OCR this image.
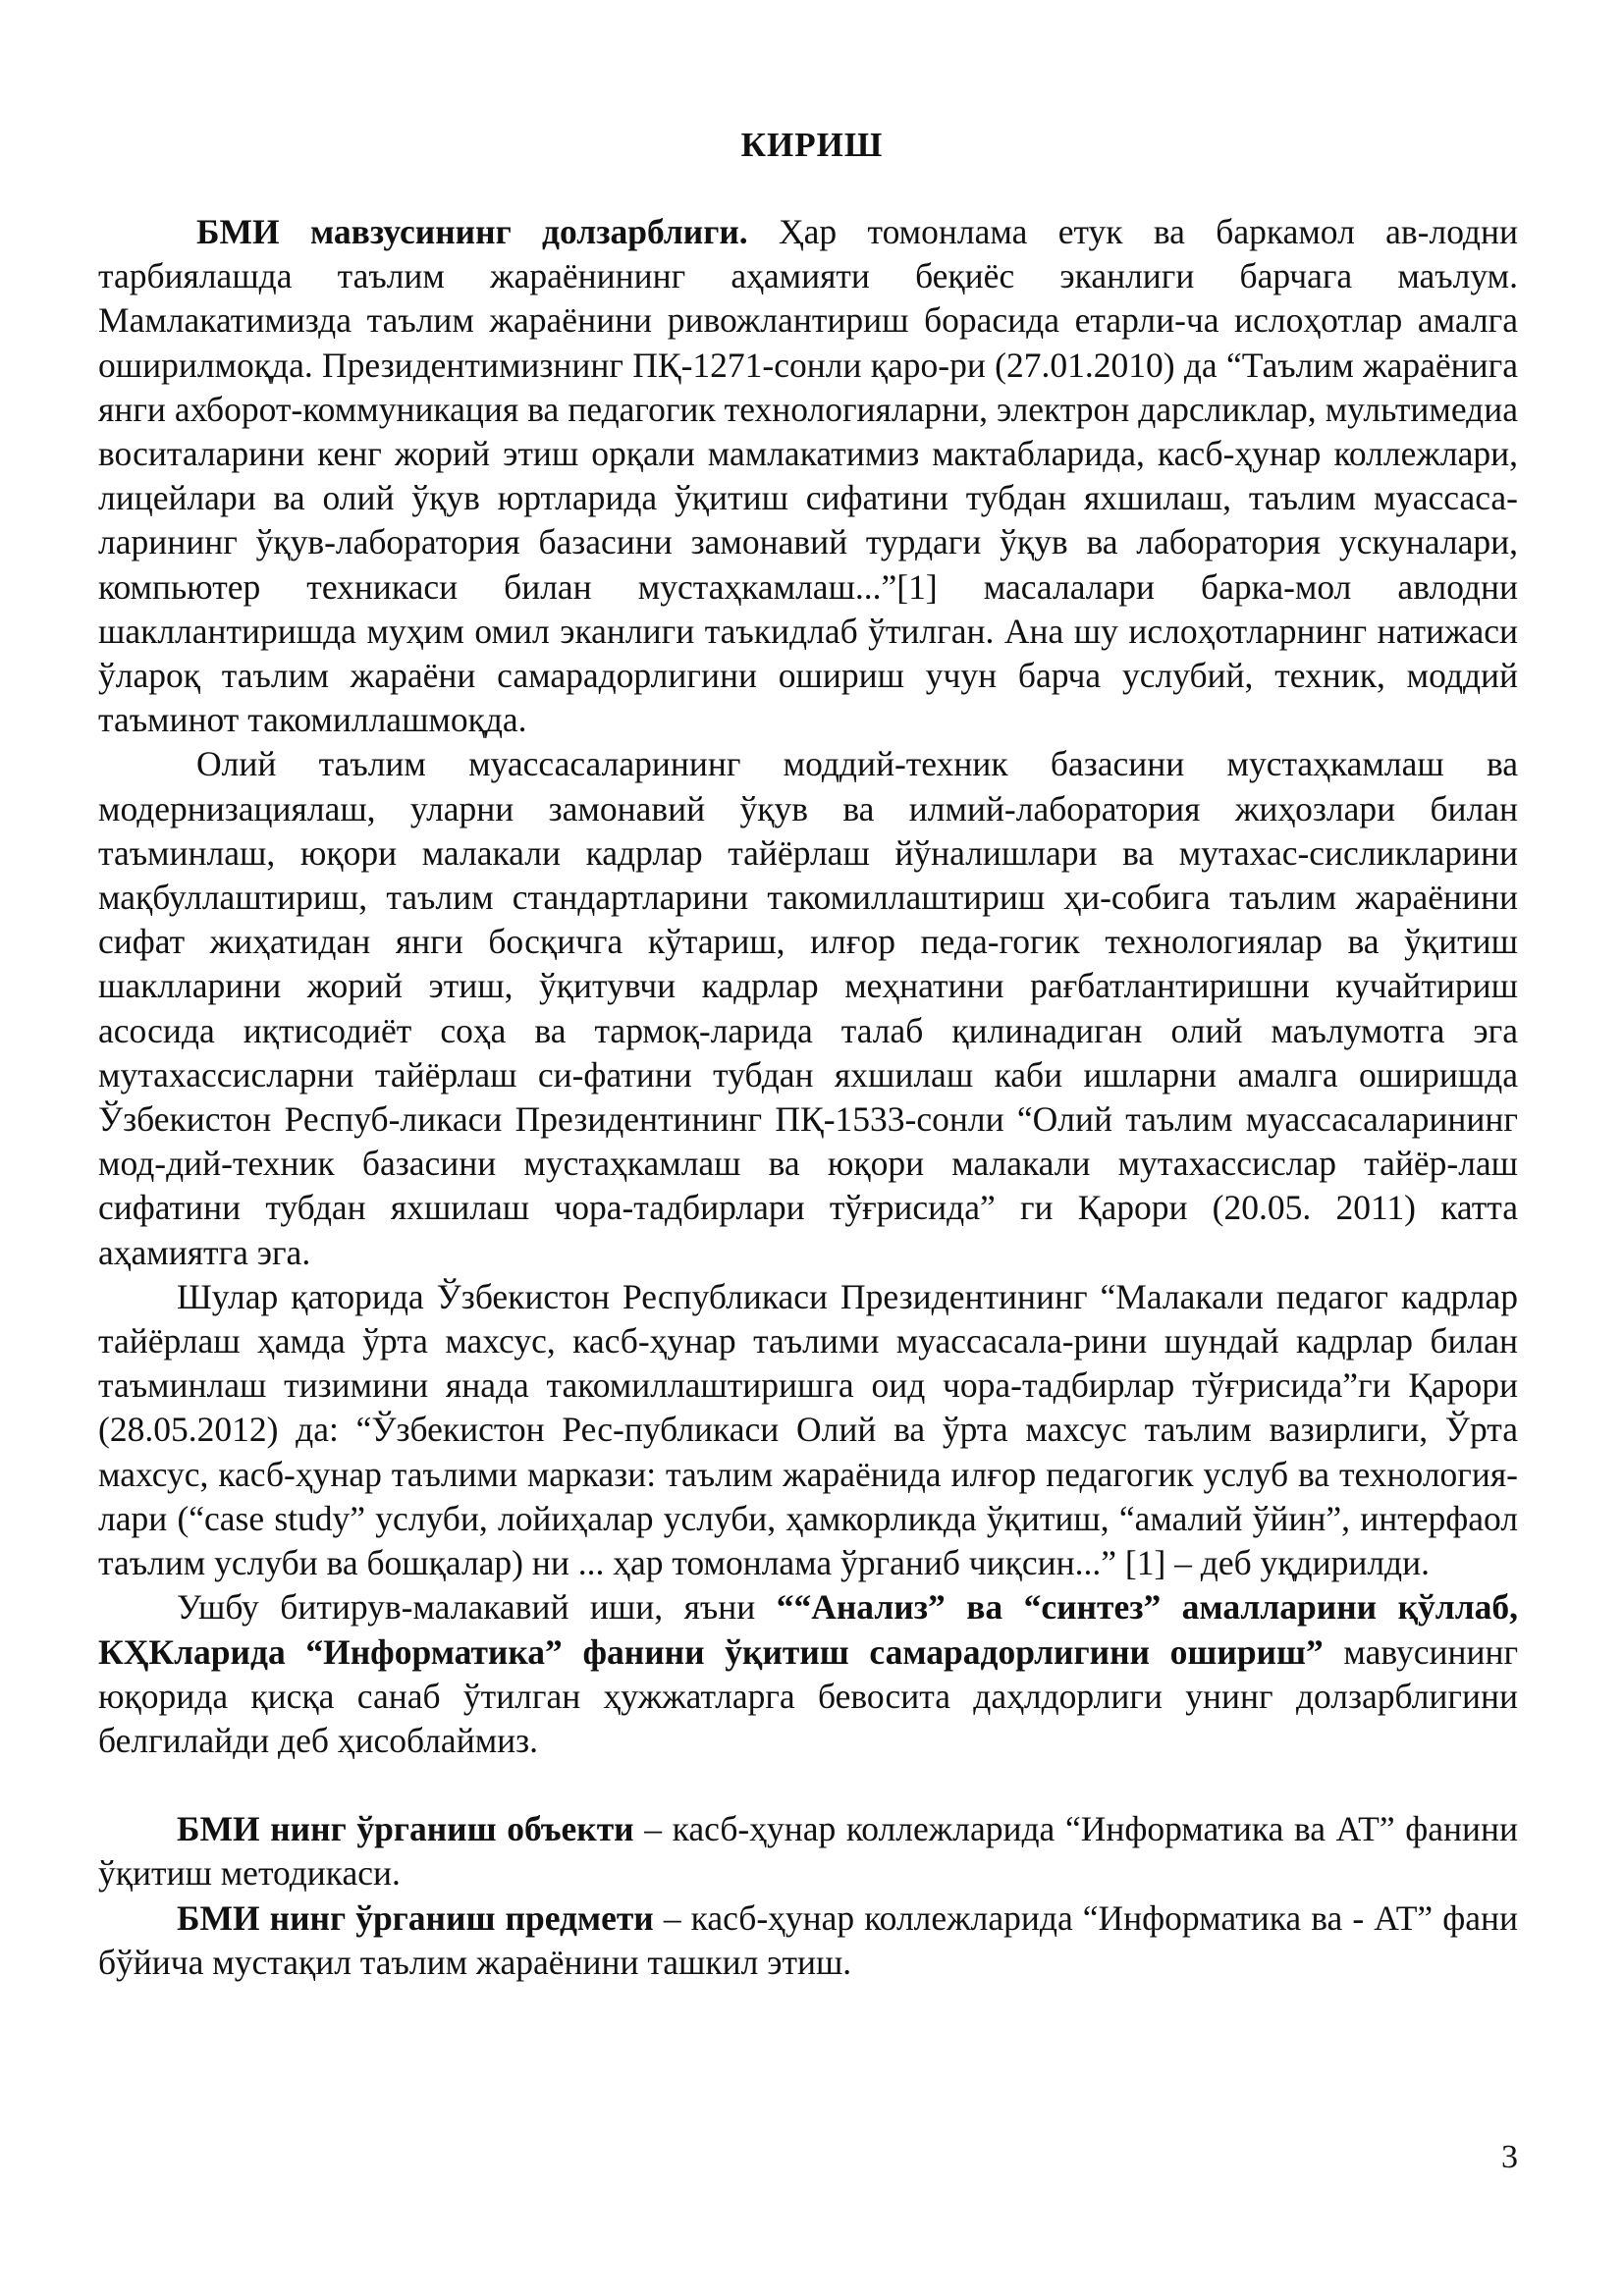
КИРИШ

БМИ мавзусининг долзарблиги. Ҳар томонлама етук ва баркамол ав-лодни тарбиялашда таълим жараёнининг аҳамияти беқиёс эканлиги барчага маълум. Мамлакатимизда таълим жараёнини ривожлантириш борасида етарли-ча ислоҳотлар амалга оширилмоқда. Президентимизнинг ПҚ-1271-сонли қаро-ри (27.01.2010) да “Таълим жараёнига янги ахборот-коммуникация ва педагогик технологияларни, электрон дарсликлар, мультимедиа воситаларини кенг жорий этиш орқали мамлакатимиз мактабларида, касб-ҳунар коллежлари, лицейлари ва олий ўқув юртларида ўқитиш сифатини тубдан яхшилаш, таълим муассаса-ларининг ўқув-лаборатория базасини замонавий турдаги ўқув ва лаборатория ускуналари, компьютер техникаси билан мустаҳкамлаш...”[1] масалалари барка-мол авлодни шакллантиришда муҳим омил эканлиги таъкидлаб ўтилган. Ана шу ислоҳотларнинг натижаси ўлароқ таълим жараёни самарадорлигини ошириш учун барча услубий, техник, моддий таъминот такомиллашмоқда.

Олий таълим муассасаларининг моддий-техник базасини мустаҳкамлаш ва модернизациялаш, уларни замонавий ўқув ва илмий-лаборатория жиҳозлари билан таъминлаш, юқори малакали кадрлар тайёрлаш йўналишлари ва мутахас-сисликларини мақбуллаштириш, таълим стандартларини такомиллаштириш ҳи-собига таълим жараёнини сифат жиҳатидан янги босқичга кўтариш, илғор педа-гогик технологиялар ва ўқитиш шаклларини жорий этиш, ўқитувчи кадрлар меҳнатини рағбатлантиришни кучайтириш асосида иқтисодиёт соҳа ва тармоқ-ларида талаб қилинадиган олий маълумотга эга мутахассисларни тайёрлаш си-фатини тубдан яхшилаш каби ишларни амалга оширишда Ўзбекистон Респуб-ликаси Президентининг ПҚ-1533-сонли “Олий таълим муассасаларининг мод-дий-техник базасини мустаҳкамлаш ва юқори малакали мутахассислар тайёр-лаш сифатини тубдан яхшилаш чора-тадбирлари тўғрисида” ги Қарори (20.05. 2011) катта аҳамиятга эга.

Шулар қаторида Ўзбекистон Республикаси Президентининг “Малакали педагог кадрлар тайёрлаш ҳамда ўрта махсус, касб-ҳунар таълими муассасала-рини шундай кадрлар билан таъминлаш тизимини янада такомиллаштиришга оид чора-тадбирлар тўғрисида”ги Қарори (28.05.2012) да: “Ўзбекистон Рес-публикаси Олий ва ўрта махсус таълим вазирлиги, Ўрта махсус, касб-ҳунар таълими маркази: таълим жараёнида илғор педагогик услуб ва технология-лари (“case study” услуби, лойиҳалар услуби, ҳамкорликда ўқитиш, “амалий ўйин”, интерфаол таълим услуби ва бошқалар) ни ... ҳар томонлама ўрганиб чиқсин...” [1] – деб уқдирилди.

Ушбу битирув-малакавий иши, яъни ““Анализ” ва “синтез” амалларини қўллаб, КҲКларида “Информатика” фанини ўқитиш самарадорлигини ошириш” мавусининг юқорида қисқа санаб ўтилган ҳужжатларга бевосита даҳлдорлиги унинг долзарблигини белгилайди деб ҳисоблаймиз.

БМИ нинг ўрганиш объекти – касб-ҳунар коллежларида “Информатика ва АТ” фанини ўқитиш методикаси.

БМИ нинг ўрганиш предмети – касб-ҳунар коллежларида “Информатика ва - АТ” фани бўйича мустақил таълим жараёнини ташкил этиш.

3
